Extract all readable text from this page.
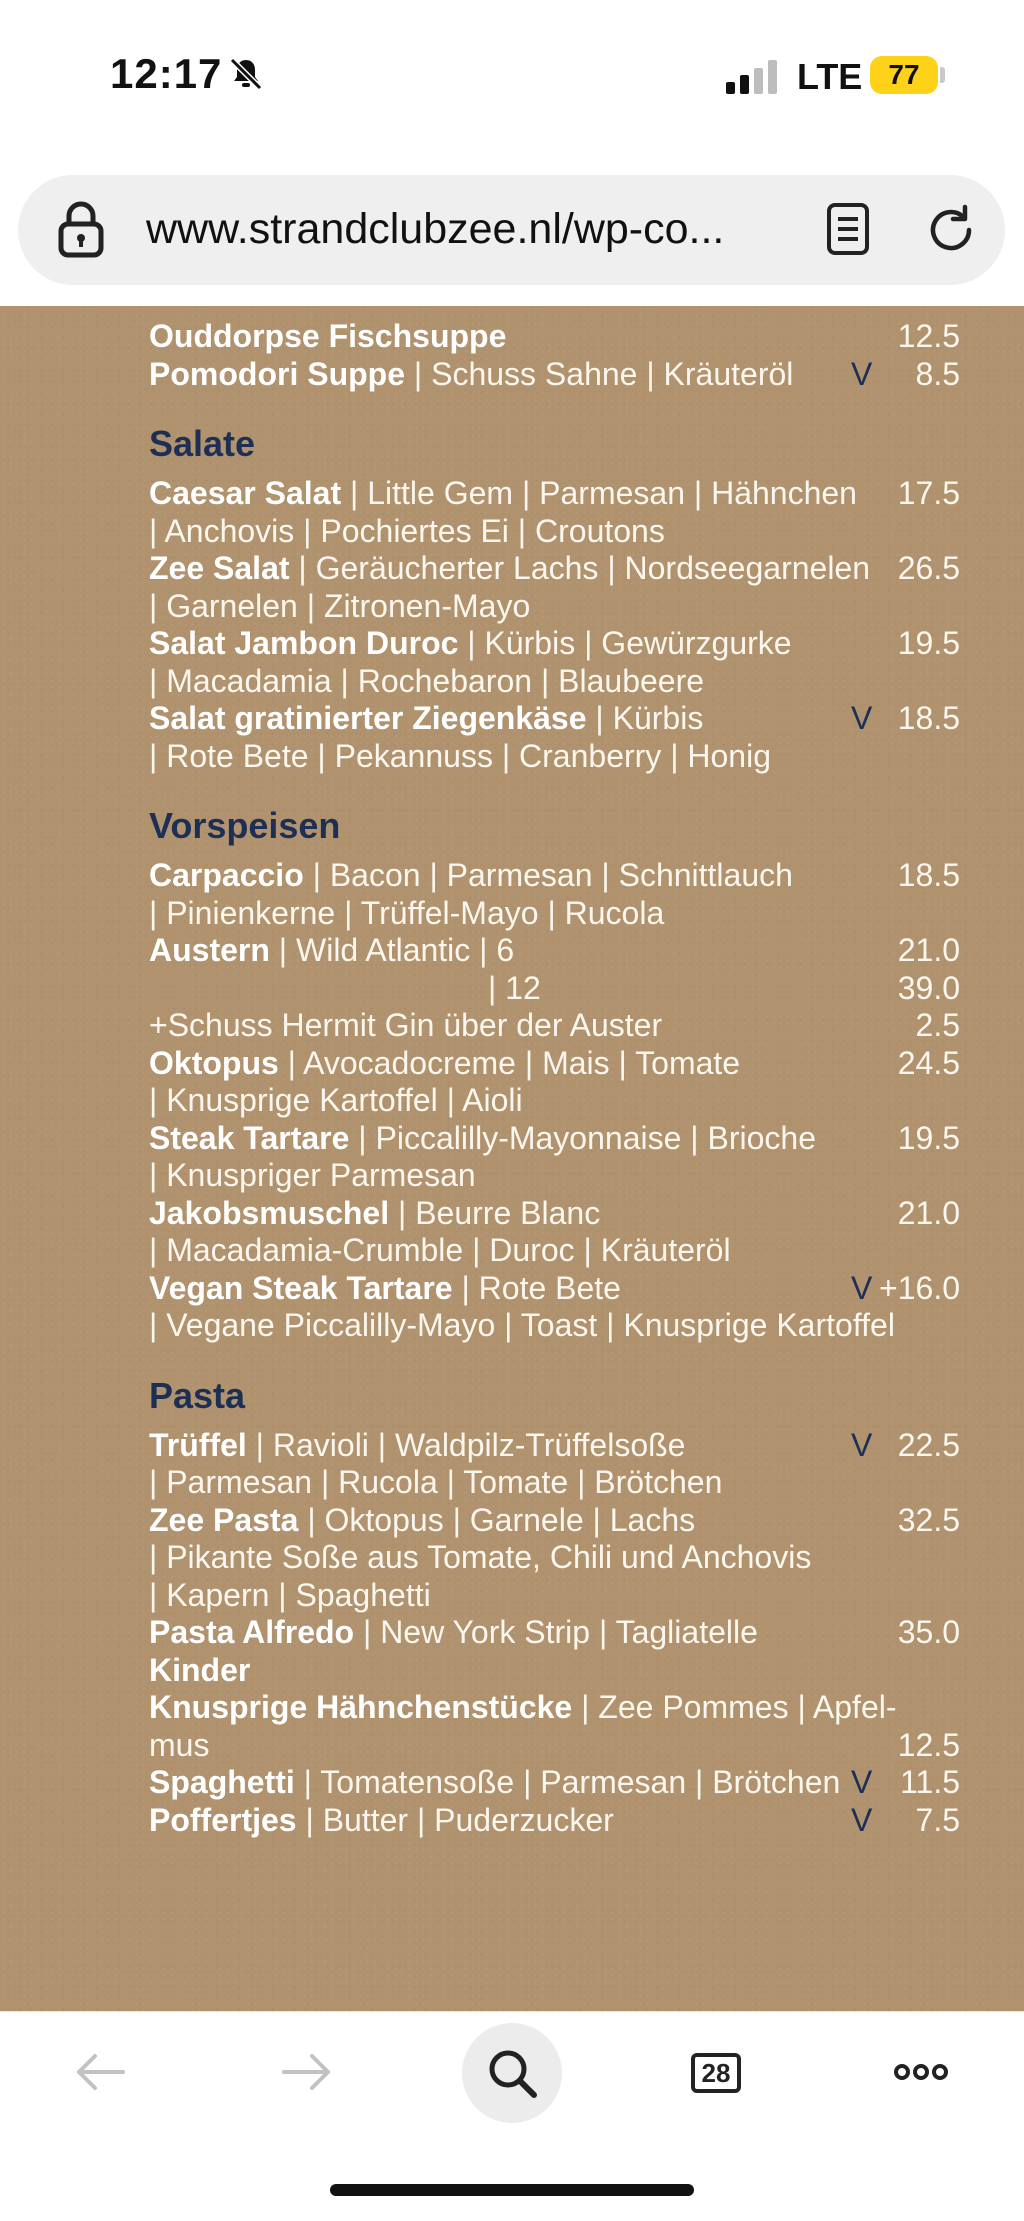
12:17	LTE 77
www.strandclubzee.nl/wp-co...
Ouddorpse Fischsuppe	12.5
Pomodori Suppe | Schuss Sahne | Kräuteröl V	8.5
Salate
Caesar Salat | Little Gem | Parmesan | Hähnchen	17.5
| Anchovis | Pochiertes Ei | Croutons
Zee Salat | Geräucherter Lachs | Nordseegarnelen 26.5
| Garnelen | Zitronen-Mayo
Salat Jambon Duroc | Kürbis | Gewürzgurke	19.5
| Macadamia | Rochebaron | Blaubeere
Salat gratinierter Ziegenkäse | Kürbis	V 18.5
| Rote Bete | Pekannuss | Cranberry | Honig
Vorspeisen
Carpaccio | Bacon | Parmesan | Schnittlauch	18.5
| Pinienkerne | Trüffel-Mayo | Rucola
Austern | Wild Atlantic | 6	21.0
| 12	39.0
+Schuss Hermit Gin über der Auster	2.5
Oktopus | Avocadocreme | Mais | Tomate	24.5
| Knusprige Kartoffel | Aioli
Steak Tartare | Piccalilly-Mayonnaise | Brioche	19.5
| Knuspriger Parmesan
Jakobsmuschel | Beurre Blanc	21.0
| Macadamia-Crumble | Duroc | Kräuteröl
Vegan Steak Tartare | Rote Bete	V +16.0
| Vegane Piccalilly-Mayo | Toast | Knusprige Kartoffel
Pasta
Trüffel | Ravioli | Waldpilz-Trüffelsoße	V 22.5
| Parmesan | Rucola | Tomate | Brötchen
Zee Pasta | Oktopus | Garnele | Lachs	32.5
| Pikante Soße aus Tomate, Chili und Anchovis
| Kapern | Spaghetti
Pasta Alfredo | New York Strip | Tagliatelle	35.0
Kinder
Knusprige Hähnchenstücke | Zee Pommes | Apfel-
mus	12.5
Spaghetti | Tomatensoße | Parmesan | Brötchen V 11.5
Poffertjes | Butter | Puderzucker	V	7.5
28
